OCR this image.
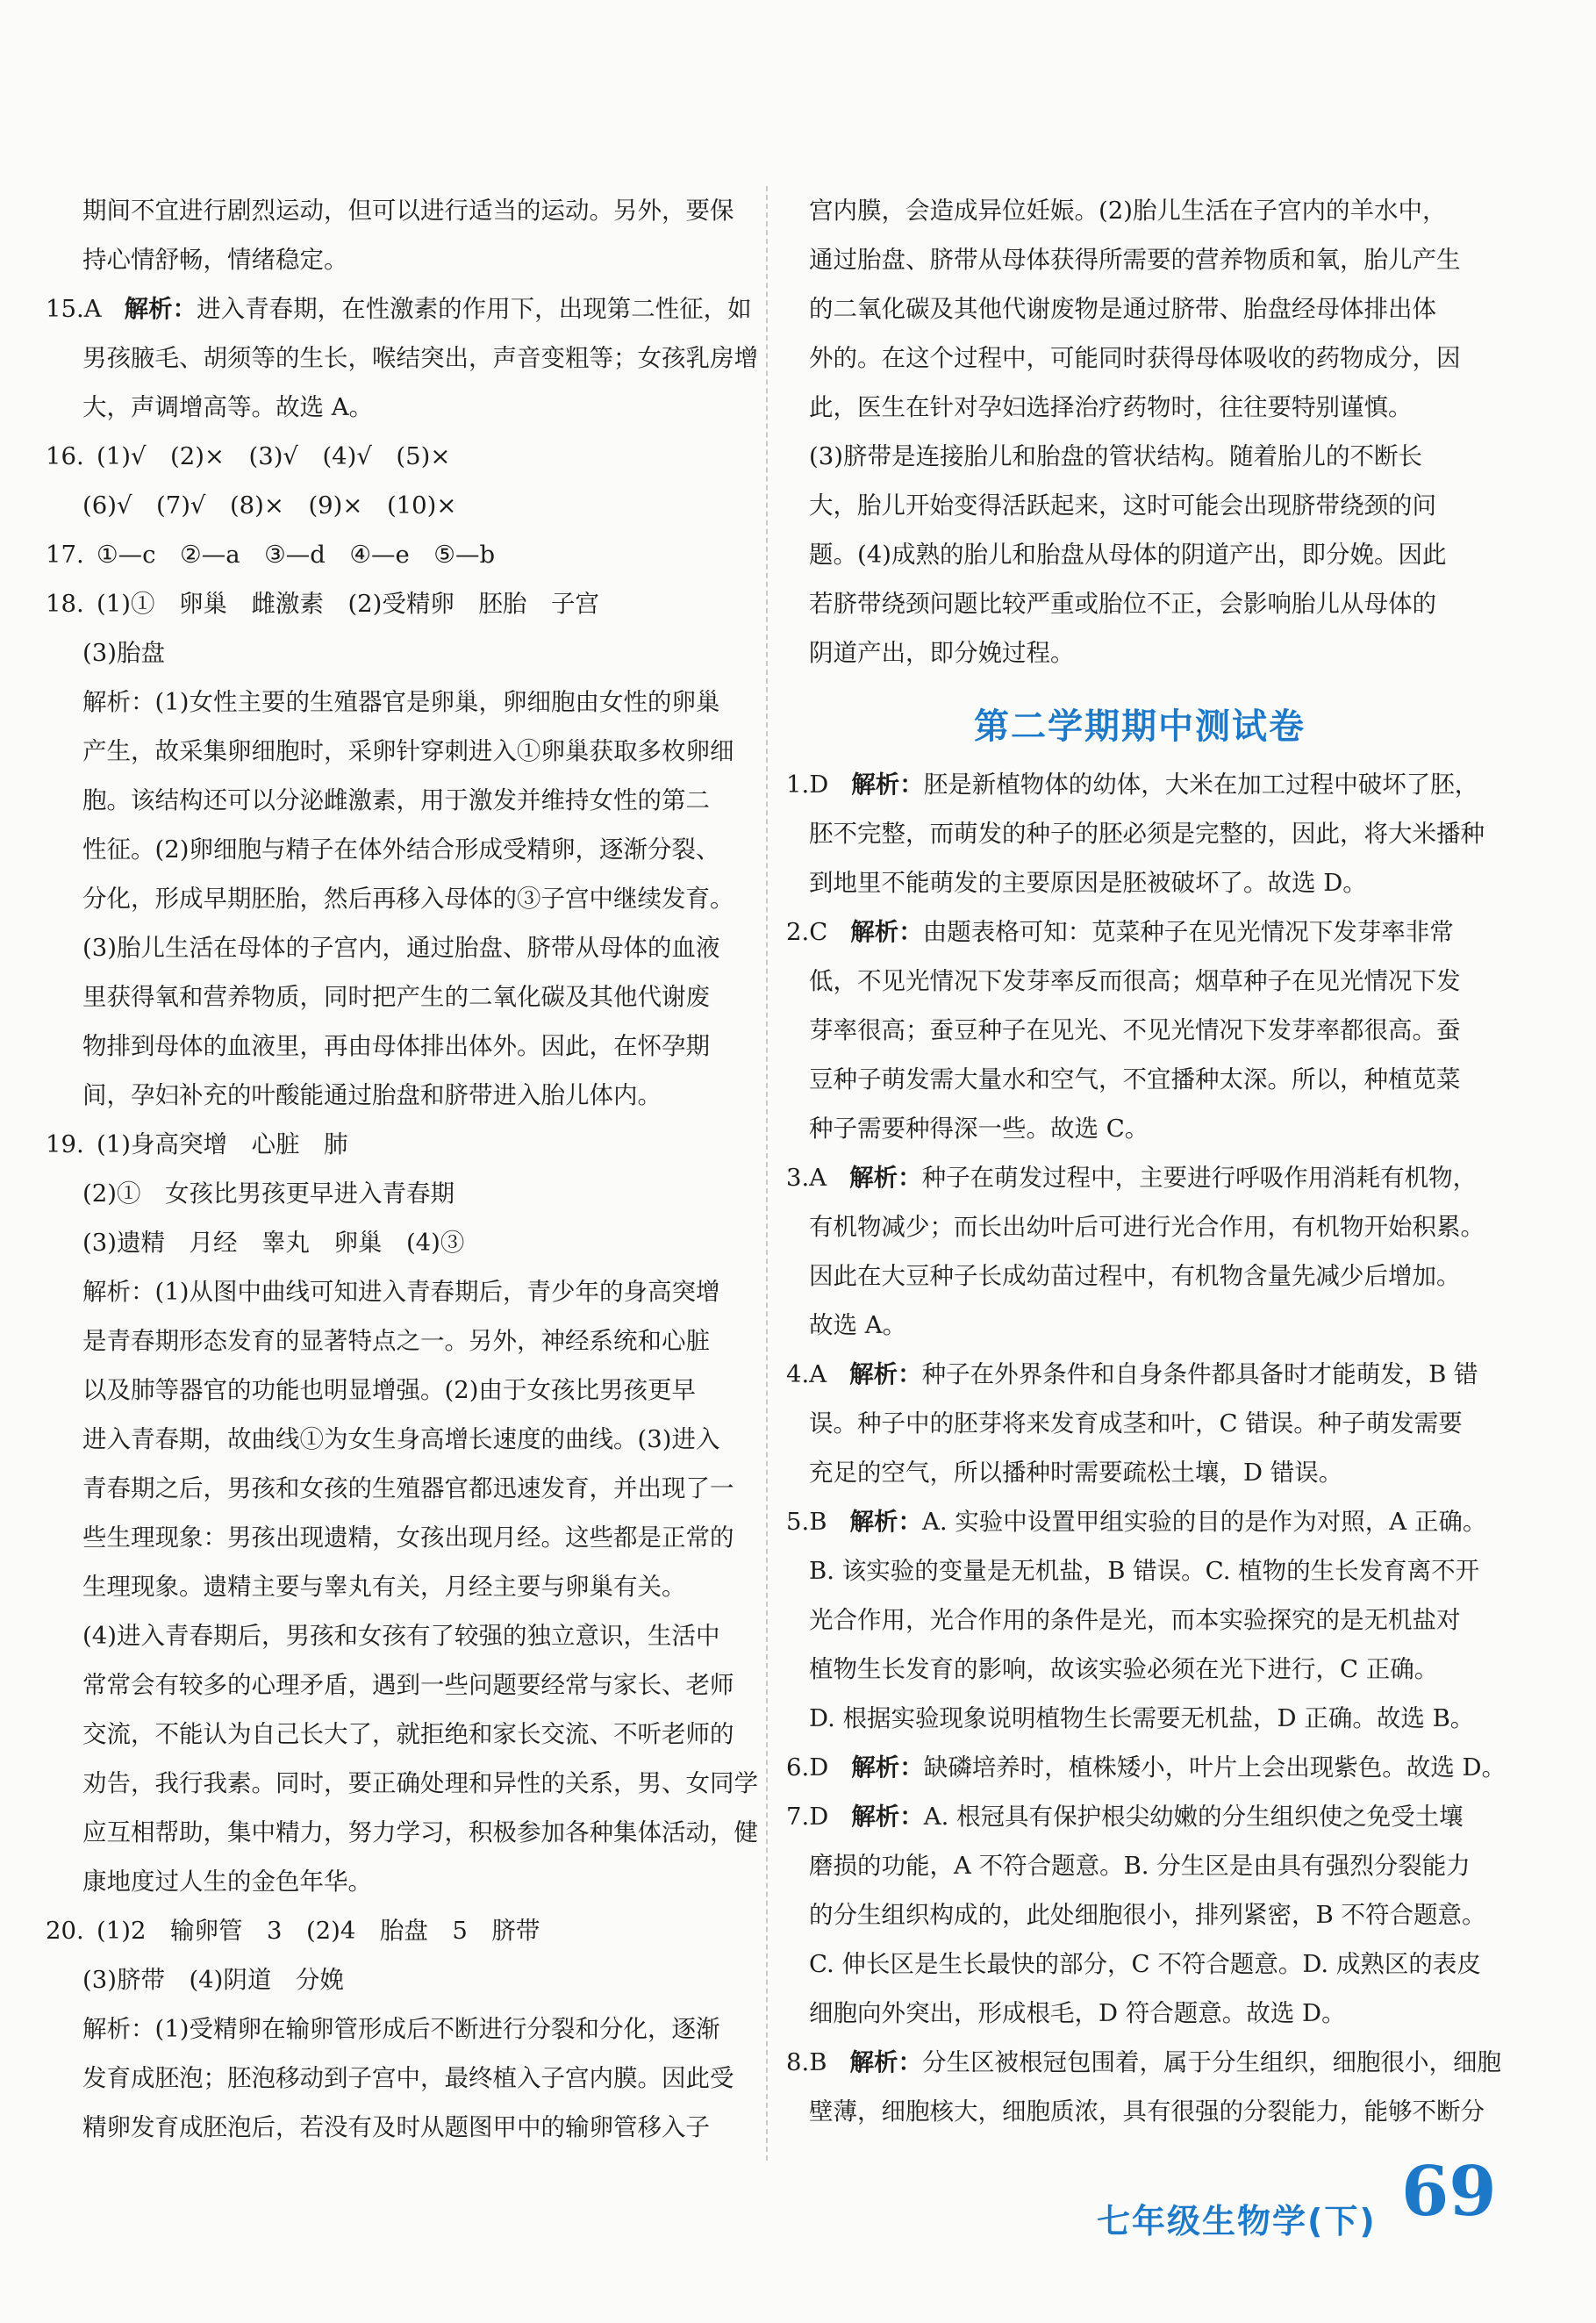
期间不宜进行剧烈运动，但可以进行适当的运动。另外，要保
持心情舒畅，情绪稳定。
15.A 解析：进入青春期，在性激素的作用下，出现第二性征，如
男孩腋毛、胡须等的生长，喉结突出，声音变粗等；女孩乳房增
大，声调增高等。故选 A。
16. (1)√　(2)×　(3)√　(4)√　(5)×
(6)√　(7)√　(8)×　(9)×　(10)×
17. ①—c　②—a　③—d　④—e　⑤—b
18. (1)①　卵巢　雌激素　(2)受精卵　胚胎　子宫
(3)胎盘
解析：(1)女性主要的生殖器官是卵巢，卵细胞由女性的卵巢
产生，故采集卵细胞时，采卵针穿刺进入①卵巢获取多枚卵细
胞。该结构还可以分泌雌激素，用于激发并维持女性的第二
性征。(2)卵细胞与精子在体外结合形成受精卵，逐渐分裂、
分化，形成早期胚胎，然后再移入母体的③子宫中继续发育。
(3)胎儿生活在母体的子宫内，通过胎盘、脐带从母体的血液
里获得氧和营养物质，同时把产生的二氧化碳及其他代谢废
物排到母体的血液里，再由母体排出体外。因此，在怀孕期
间，孕妇补充的叶酸能通过胎盘和脐带进入胎儿体内。
19. (1)身高突增　心脏　肺
(2)①　女孩比男孩更早进入青春期
(3)遗精　月经　睾丸　卵巢　(4)③
解析：(1)从图中曲线可知进入青春期后，青少年的身高突增
是青春期形态发育的显著特点之一。另外，神经系统和心脏
以及肺等器官的功能也明显增强。(2)由于女孩比男孩更早
进入青春期，故曲线①为女生身高增长速度的曲线。(3)进入
青春期之后，男孩和女孩的生殖器官都迅速发育，并出现了一
些生理现象：男孩出现遗精，女孩出现月经。这些都是正常的
生理现象。遗精主要与睾丸有关，月经主要与卵巢有关。
(4)进入青春期后，男孩和女孩有了较强的独立意识，生活中
常常会有较多的心理矛盾，遇到一些问题要经常与家长、老师
交流，不能认为自己长大了，就拒绝和家长交流、不听老师的
劝告，我行我素。同时，要正确处理和异性的关系，男、女同学
应互相帮助，集中精力，努力学习，积极参加各种集体活动，健
康地度过人生的金色年华。
20. (1)2　输卵管　3　(2)4　胎盘　5　脐带
(3)脐带　(4)阴道　分娩
解析：(1)受精卵在输卵管形成后不断进行分裂和分化，逐渐
发育成胚泡；胚泡移动到子宫中，最终植入子宫内膜。因此受
精卵发育成胚泡后，若没有及时从题图甲中的输卵管移入子
宫内膜，会造成异位妊娠。(2)胎儿生活在子宫内的羊水中，
通过胎盘、脐带从母体获得所需要的营养物质和氧，胎儿产生
的二氧化碳及其他代谢废物是通过脐带、胎盘经母体排出体
外的。在这个过程中，可能同时获得母体吸收的药物成分，因
此，医生在针对孕妇选择治疗药物时，往往要特别谨慎。
(3)脐带是连接胎儿和胎盘的管状结构。随着胎儿的不断长
大，胎儿开始变得活跃起来，这时可能会出现脐带绕颈的问
题。(4)成熟的胎儿和胎盘从母体的阴道产出，即分娩。因此
若脐带绕颈问题比较严重或胎位不正，会影响胎儿从母体的
阴道产出，即分娩过程。
第二学期期中测试卷
1.D 解析：胚是新植物体的幼体，大米在加工过程中破坏了胚，
胚不完整，而萌发的种子的胚必须是完整的，因此，将大米播种
到地里不能萌发的主要原因是胚被破坏了。故选 D。
2.C 解析：由题表格可知：苋菜种子在见光情况下发芽率非常
低，不见光情况下发芽率反而很高；烟草种子在见光情况下发
芽率很高；蚕豆种子在见光、不见光情况下发芽率都很高。蚕
豆种子萌发需大量水和空气，不宜播种太深。所以，种植苋菜
种子需要种得深一些。故选 C。
3.A 解析：种子在萌发过程中，主要进行呼吸作用消耗有机物，
有机物减少；而长出幼叶后可进行光合作用，有机物开始积累。
因此在大豆种子长成幼苗过程中，有机物含量先减少后增加。
故选 A。
4.A 解析：种子在外界条件和自身条件都具备时才能萌发，B 错
误。种子中的胚芽将来发育成茎和叶，C 错误。种子萌发需要
充足的空气，所以播种时需要疏松土壤，D 错误。
5.B 解析：A. 实验中设置甲组实验的目的是作为对照，A 正确。
B. 该实验的变量是无机盐，B 错误。C. 植物的生长发育离不开
光合作用，光合作用的条件是光，而本实验探究的是无机盐对
植物生长发育的影响，故该实验必须在光下进行，C 正确。
D. 根据实验现象说明植物生长需要无机盐，D 正确。故选 B。
6.D 解析：缺磷培养时，植株矮小，叶片上会出现紫色。故选 D。
7.D 解析：A. 根冠具有保护根尖幼嫩的分生组织使之免受土壤
磨损的功能，A 不符合题意。B. 分生区是由具有强烈分裂能力
的分生组织构成的，此处细胞很小，排列紧密，B 不符合题意。
C. 伸长区是生长最快的部分，C 不符合题意。D. 成熟区的表皮
细胞向外突出，形成根毛，D 符合题意。故选 D。
8.B 解析：分生区被根冠包围着，属于分生组织，细胞很小，细胞
壁薄，细胞核大，细胞质浓，具有很强的分裂能力，能够不断分
七年级生物学(下) 69
